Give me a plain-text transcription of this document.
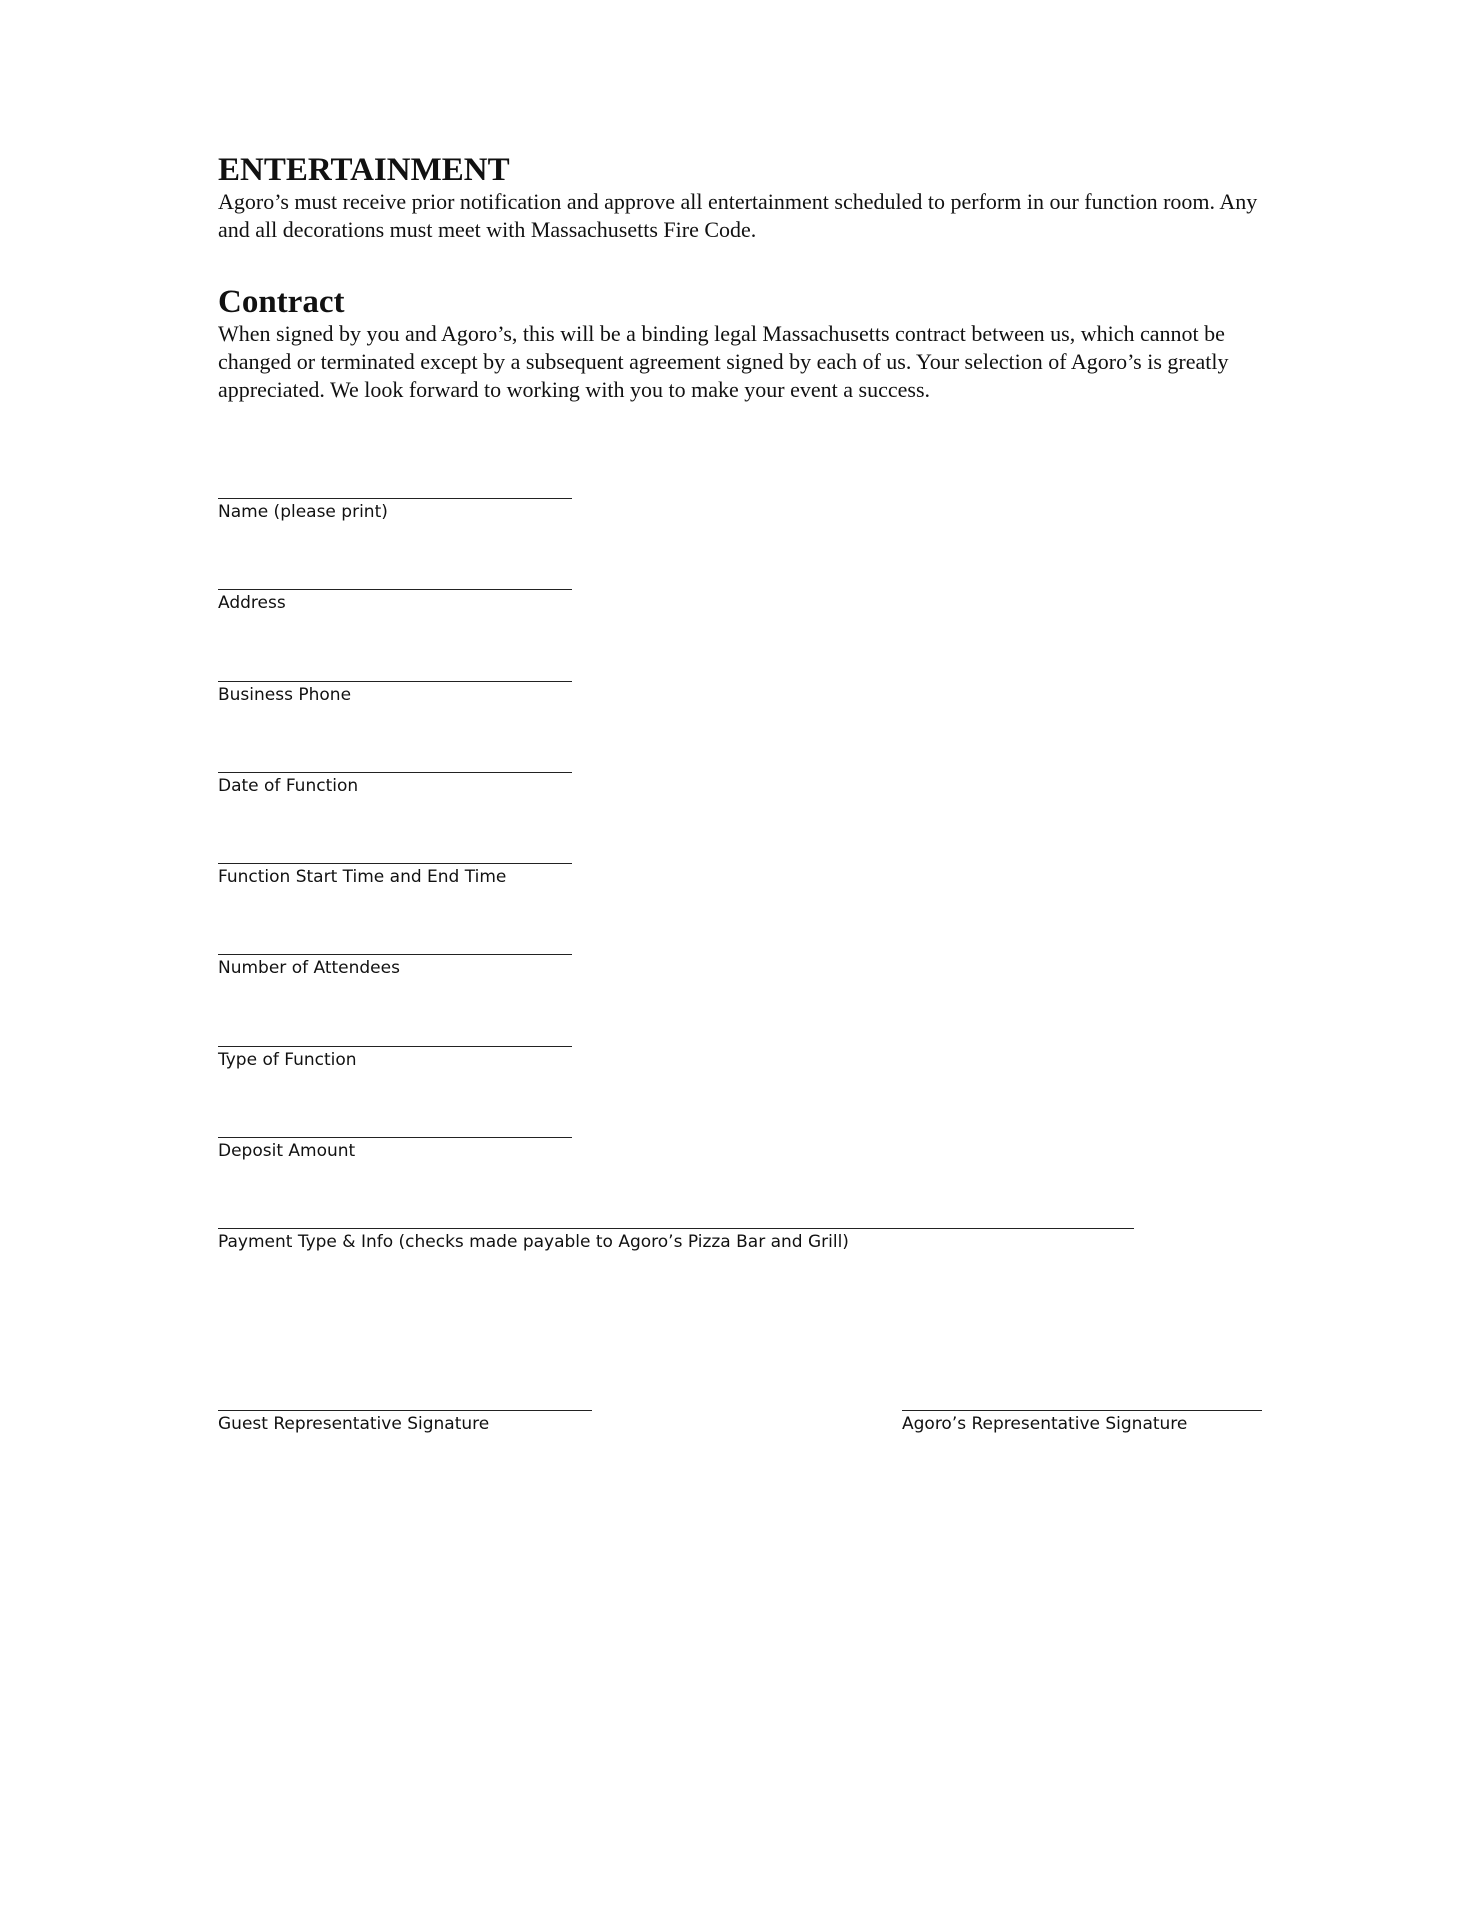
ENTERTAINMENT

Agoro’s must receive prior notification and approve all entertainment scheduled to perform in our function room. Any and all decorations must meet with Massachusetts Fire Code.

Contract

When signed by you and Agoro’s, this will be a binding legal Massachusetts contract between us, which cannot be changed or terminated except by a subsequent agreement signed by each of us. Your selection of Agoro’s is greatly appreciated. We look forward to working with you to make your event a success.

Name (please print)
Address
Business Phone
Date of Function
Function Start Time and End Time
Number of Attendees
Type of Function
Deposit Amount
Payment Type & Info (checks made payable to Agoro’s Pizza Bar and Grill)
Guest Representative Signature	Agoro’s Representative Signature
